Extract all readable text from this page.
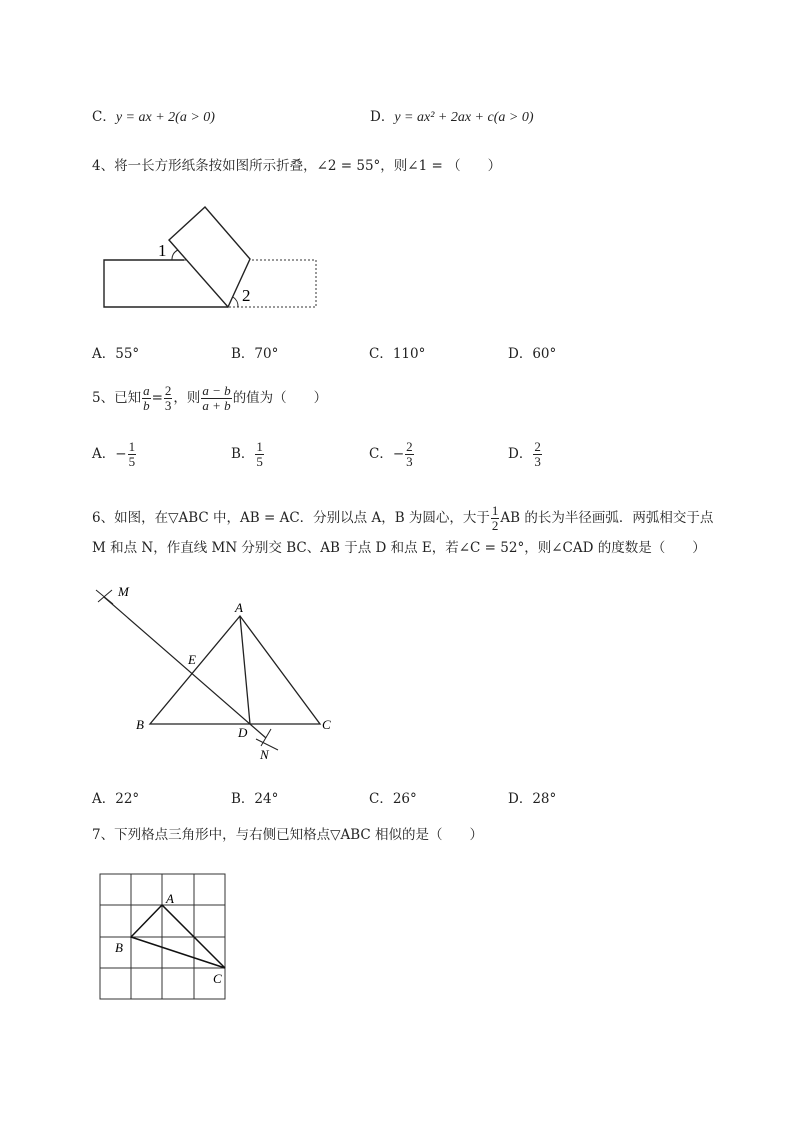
C．y = ax + 2(a > 0)	D．y = ax² + 2ax + c(a > 0)
4、将一长方形纸条按如图所示折叠，∠2 = 55°，则∠1 = （　　）
1
2
A．55°	B．70°	C．110°	D．60°
5、已知 $\frac{a}{b} = \frac{2}{3}$ ，则 $\frac{a - b}{a + b}$ 的值为（　　）
A．− $\frac{1}{5}$	B． $\frac{1}{5}$	C．− $\frac{2}{3}$	D． $\frac{2}{3}$
6、如图，在▽ABC 中，AB = AC．分别以点 A，B 为圆心，大于 $\frac{1}{2}$ AB 的长为半径画弧．两弧相交于点
M 和点 N，作直线 MN 分别交 BC、AB 于点 D 和点 E，若∠C = 52°，则∠CAD 的度数是（　　）
M
A
E
B
D
C
N
A．22°	B．24°	C．26°	D．28°
7、下列格点三角形中，与右侧已知格点▽ABC 相似的是（　　）
A
B
C
